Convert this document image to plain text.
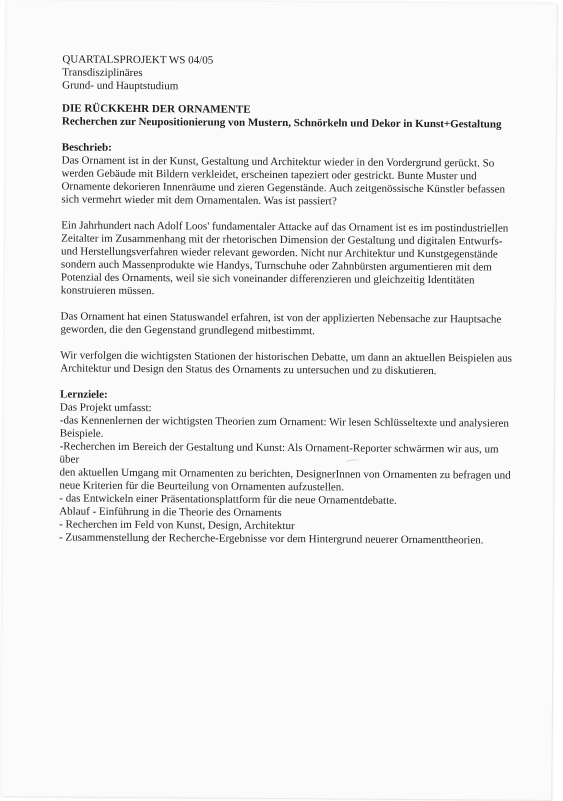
QUARTALSPROJEKT WS 04/05
Transdisziplinäres
Grund- und Hauptstudium
DIE RÜCKKEHR DER ORNAMENTE
Recherchen zur Neupositionierung von Mustern, Schnörkeln und Dekor in Kunst+Gestaltung
Beschrieb:

Das Ornament ist in der Kunst, Gestaltung und Architektur wieder in den Vordergrund gerückt. So werden Gebäude mit Bildern verkleidet, erscheinen tapeziert oder gestrickt. Bunte Muster und Ornamente dekorieren Innenräume und zieren Gegenstände. Auch zeitgenössische Künstler befassen sich vermehrt wieder mit dem Ornamentalen. Was ist passiert?

Ein Jahrhundert nach Adolf Loos' fundamentaler Attacke auf das Ornament ist es im postindustriellen Zeitalter im Zusammenhang mit der rhetorischen Dimension der Gestaltung und digitalen Entwurfs- und Herstellungsverfahren wieder relevant geworden. Nicht nur Architektur und Kunstgegenstände sondern auch Massenprodukte wie Handys, Turnschuhe oder Zahnbürsten argumentieren mit dem Potenzial des Ornaments, weil sie sich voneinander differenzieren und gleichzeitig Identitäten konstruieren müssen.

Das Ornament hat einen Statuswandel erfahren, ist von der applizierten Nebensache zur Hauptsache geworden, die den Gegenstand grundlegend mitbestimmt.

Wir verfolgen die wichtigsten Stationen der historischen Debatte, um dann an aktuellen Beispielen aus Architektur und Design den Status des Ornaments zu untersuchen und zu diskutieren.

Lernziele:
Das Projekt umfasst:
-das Kennenlernen der wichtigsten Theorien zum Ornament: Wir lesen Schlüsseltexte und analysieren Beispiele.
-Recherchen im Bereich der Gestaltung und Kunst: Als Ornament-Reporter schwärmen wir aus, um über
den aktuellen Umgang mit Ornamenten zu berichten, DesignerInnen von Ornamenten zu befragen und neue Kriterien für die Beurteilung von Ornamenten aufzustellen.
- das Entwickeln einer Präsentationsplattform für die neue Ornamentdebatte.
Ablauf - Einführung in die Theorie des Ornaments
- Recherchen im Feld von Kunst, Design, Architektur
- Zusammenstellung der Recherche-Ergebnisse vor dem Hintergrund neuerer Ornamenttheorien.
